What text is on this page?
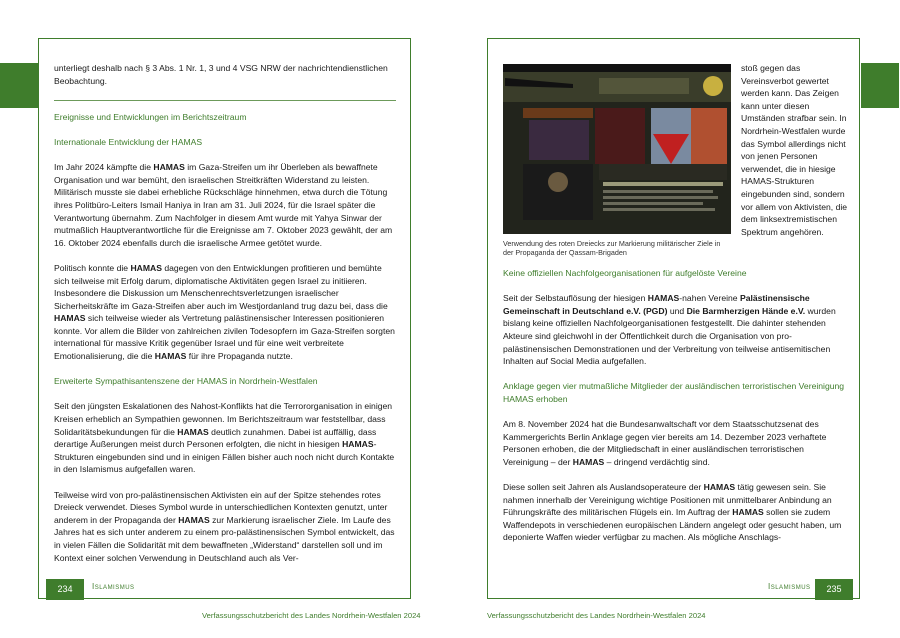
unterliegt deshalb nach § 3 Abs. 1 Nr. 1, 3 und 4 VSG NRW der nachrichtendienstlichen Beobachtung.

Ereignisse und Entwicklungen im Berichtszeitraum

Internationale Entwicklung der HAMAS

Im Jahr 2024 kämpfte die HAMAS im Gaza-Streifen um ihr Überleben als bewaffnete Organisation und war bemüht, den israelischen Streitkräften Widerstand zu leisten. Militärisch musste sie dabei erhebliche Rückschläge hinnehmen, etwa durch die Tötung ihres Politbüro-Leiters Ismail Haniya in Iran am 31. Juli 2024, für die Israel später die Verantwortung übernahm. Zum Nachfolger in diesem Amt wurde mit Yahya Sinwar der mutmaßlich Hauptverantwortliche für die Ereignisse am 7. Oktober 2023 gewählt, der am 16. Oktober 2024 ebenfalls durch die israelische Armee getötet wurde.

Politisch konnte die HAMAS dagegen von den Entwicklungen profitieren und bemühte sich teilweise mit Erfolg darum, diplomatische Aktivitäten gegen Israel zu initiieren. Insbesondere die Diskussion um Menschenrechtsverletzungen israelischer Sicherheitskräfte im Gaza-Streifen aber auch im Westjordanland trug dazu bei, dass die HAMAS sich teilweise wieder als Vertretung palästinensischer Interessen positionieren konnte. Vor allem die Bilder von zahlreichen zivilen Todesopfern im Gaza-Streifen sorgten international für massive Kritik gegenüber Israel und für eine weit verbreitete Emotionalisierung, die die HAMAS für ihre Propaganda nutzte.

Erweiterte Sympathisantenszene der HAMAS in Nordrhein-Westfalen

Seit den jüngsten Eskalationen des Nahost-Konflikts hat die Terrororganisation in einigen Kreisen erheblich an Sympathien gewonnen. Im Berichtszeitraum war feststellbar, dass Solidaritätsbekundungen für die HAMAS deutlich zunahmen. Dabei ist auffällig, dass derartige Äußerungen meist durch Personen erfolgten, die nicht in hiesigen HAMAS-Strukturen eingebunden sind und in einigen Fällen bisher auch noch nicht durch Kontakte in den Islamismus aufgefallen waren.

Teilweise wird von pro-palästinensischen Aktivisten ein auf der Spitze stehendes rotes Dreieck verwendet. Dieses Symbol wurde in unterschiedlichen Kontexten genutzt, unter anderem in der Propaganda der HAMAS zur Markierung israelischer Ziele. Im Laufe des Jahres hat es sich unter anderem zu einem pro-palästinensischen Symbol entwickelt, das in vielen Fällen die Solidarität mit dem bewaffneten „Widerstand“ darstellen soll und im Kontext einer solchen Verwendung in Deutschland auch als Ver-

234	Islamismus
Verfassungsschutzbericht des Landes Nordrhein-Westfalen 2024
Verwendung des roten Dreiecks zur Markierung militärischer Ziele in der Propaganda der Qassam-Brigaden

stoß gegen das Vereinsverbot gewertet werden kann. Das Zeigen kann unter diesen Umständen strafbar sein. In Nordrhein-Westfalen wurde das Symbol allerdings nicht von jenen Personen verwendet, die in hiesige HAMAS-Strukturen eingebunden sind, sondern vor allem von Aktivisten, die dem linksextremistischen Spektrum angehören.

Keine offiziellen Nachfolgeorganisationen für aufgelöste Vereine

Seit der Selbstauflösung der hiesigen HAMAS-nahen Vereine Palästinensische Gemeinschaft in Deutschland e.V. (PGD) und Die Barmherzigen Hände e.V. wurden bislang keine offiziellen Nachfolgeorganisationen festgestellt. Die dahinter stehenden Akteure sind gleichwohl in der Öffentlichkeit durch die Organisation von pro-palästinensischen Demonstrationen und der Verbreitung von teilweise antisemitischen Inhalten auf Social Media aufgefallen.

Anklage gegen vier mutmaßliche Mitglieder der ausländischen terroristischen Vereinigung HAMAS erhoben

Am 8. November 2024 hat die Bundesanwaltschaft vor dem Staatsschutzsenat des Kammergerichts Berlin Anklage gegen vier bereits am 14. Dezember 2023 verhaftete Personen erhoben, die der Mitgliedschaft in einer ausländischen terroristischen Vereinigung – der HAMAS – dringend verdächtig sind.

Diese sollen seit Jahren als Auslandsoperateure der HAMAS tätig gewesen sein. Sie nahmen innerhalb der Vereinigung wichtige Positionen mit unmittelbarer Anbindung an Führungskräfte des militärischen Flügels ein. Im Auftrag der HAMAS sollen sie zudem Waffendepots in verschiedenen europäischen Ländern angelegt oder gesucht haben, um deponierte Waffen wieder verfügbar zu machen. Als mögliche Anschlags-

235
Islamismus
Verfassungsschutzbericht des Landes Nordrhein-Westfalen 2024
